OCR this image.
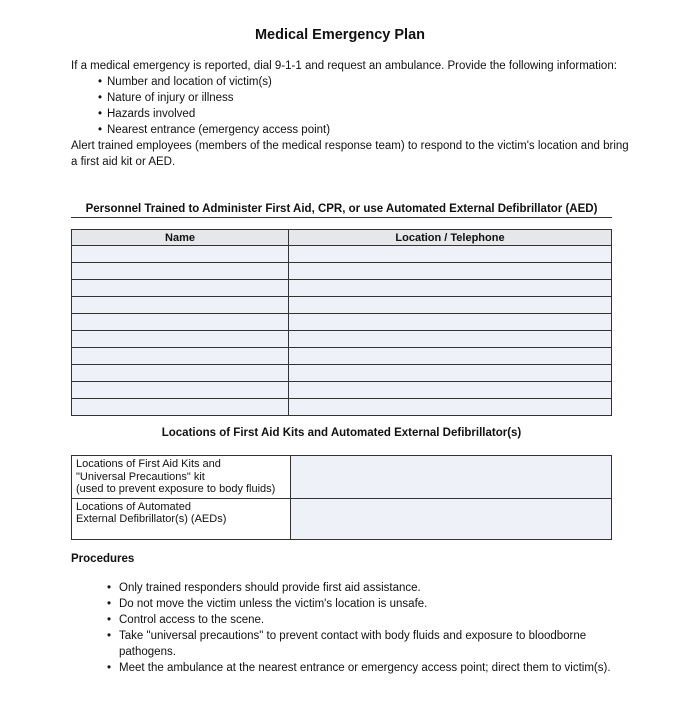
Medical Emergency Plan

If a medical emergency is reported, dial 9-1-1 and request an ambulance. Provide the following information:

• Number and location of victim(s)
• Nature of injury or illness
• Hazards involved
• Nearest entrance (emergency access point)

Alert trained employees (members of the medical response team) to respond to the victim's location and bring a first aid kit or AED.

Personnel Trained to Administer First Aid, CPR, or use Automated External Defibrillator (AED)
Name	Location / Telephone

Locations of First Aid Kits and Automated External Defibrillator(s)
Locations of First Aid Kits and
"Universal Precautions" kit
(used to prevent exposure to body fluids)	

Locations of Automated
External Defibrillator(s) (AEDs)	

Procedures
• Only trained responders should provide first aid assistance.
• Do not move the victim unless the victim's location is unsafe.
• Control access to the scene.
• Take "universal precautions" to prevent contact with body fluids and exposure to bloodborne pathogens.
• Meet the ambulance at the nearest entrance or emergency access point; direct them to victim(s).
